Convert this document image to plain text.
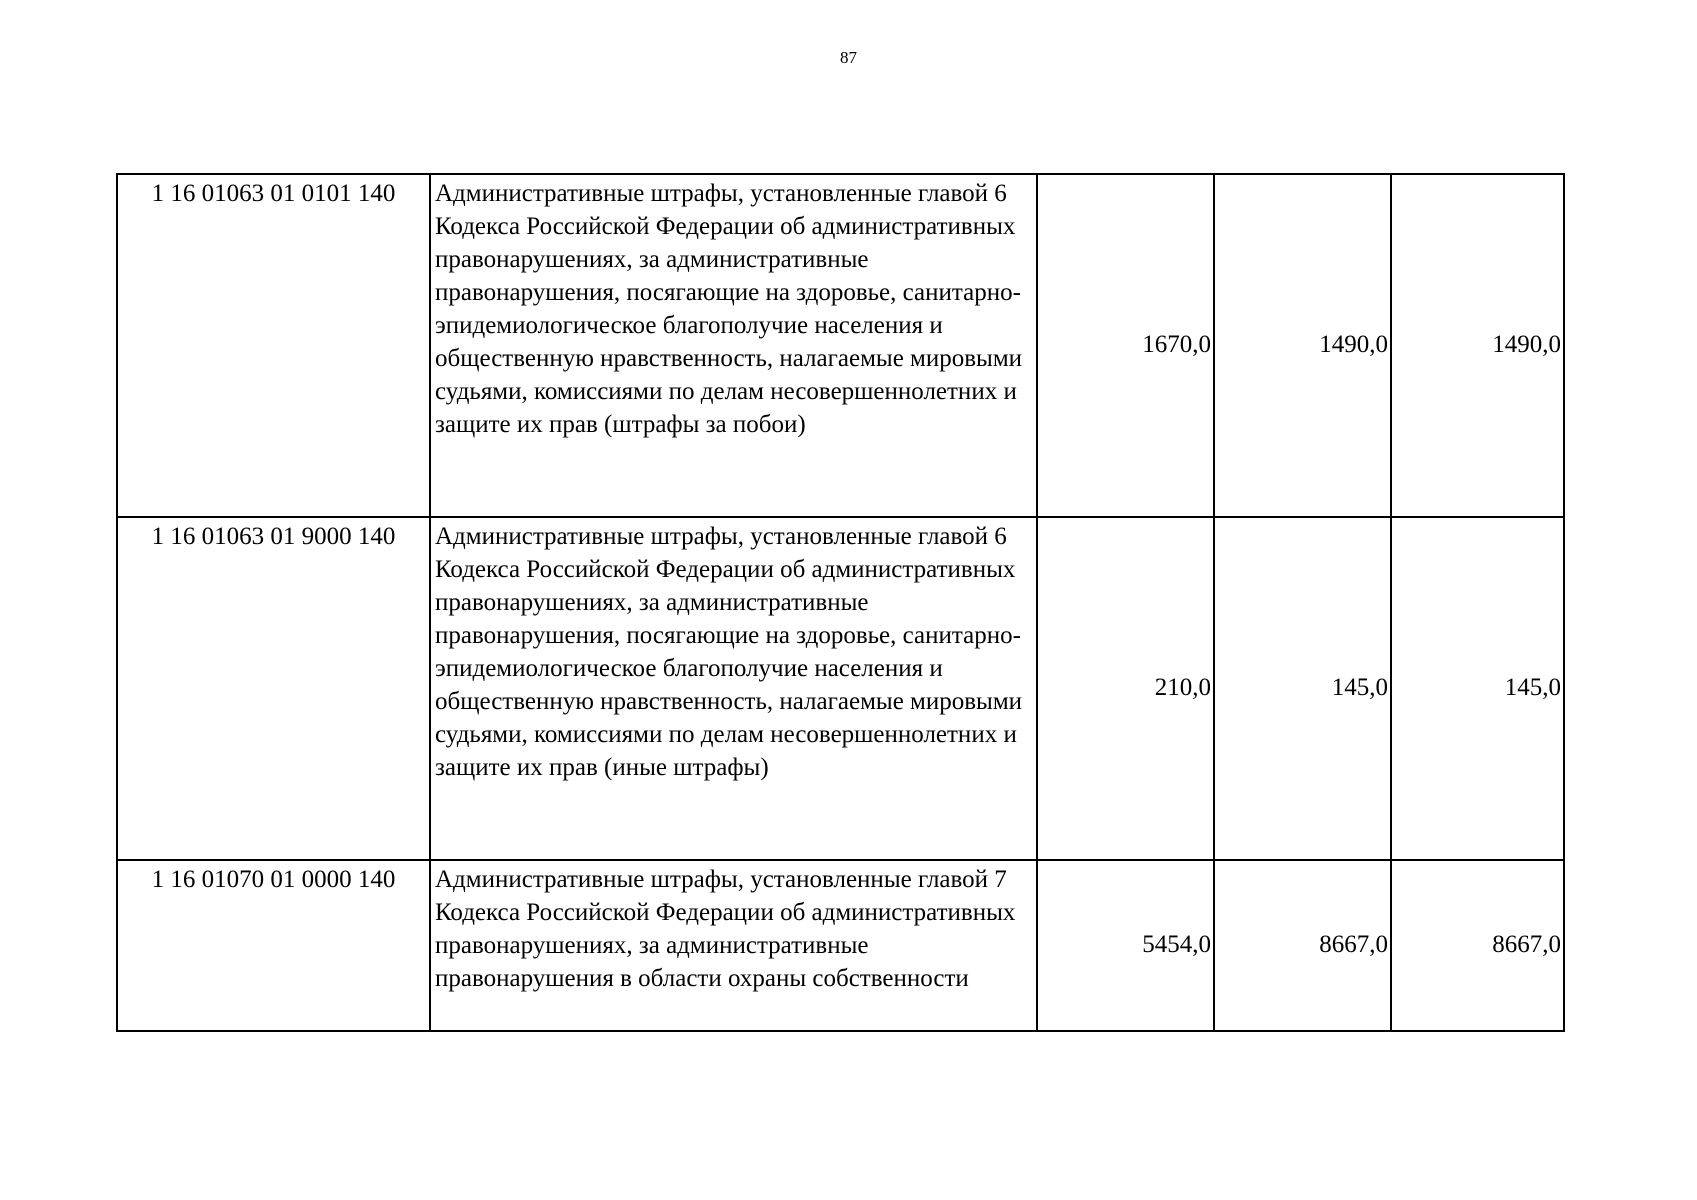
87
1 16 01063 01 0101 140	Административные штрафы, установленные главой 6 Кодекса Российской Федерации об административных правонарушениях, за административные правонарушения, посягающие на здоровье, санитарно-эпидемиологическое благополучие населения и общественную нравственность, налагаемые мировыми судьями, комиссиями по делам несовершеннолетних и защите их прав (штрафы за побои)	1670,0	1490,0	1490,0
1 16 01063 01 9000 140	Административные штрафы, установленные главой 6 Кодекса Российской Федерации об административных правонарушениях, за административные правонарушения, посягающие на здоровье, санитарно-эпидемиологическое благополучие населения и общественную нравственность, налагаемые мировыми судьями, комиссиями по делам несовершеннолетних и защите их прав (иные штрафы)	210,0	145,0	145,0
1 16 01070 01 0000 140	Административные штрафы, установленные главой 7 Кодекса Российской Федерации об административных правонарушениях, за административные правонарушения в области охраны собственности	5454,0	8667,0	8667,0
